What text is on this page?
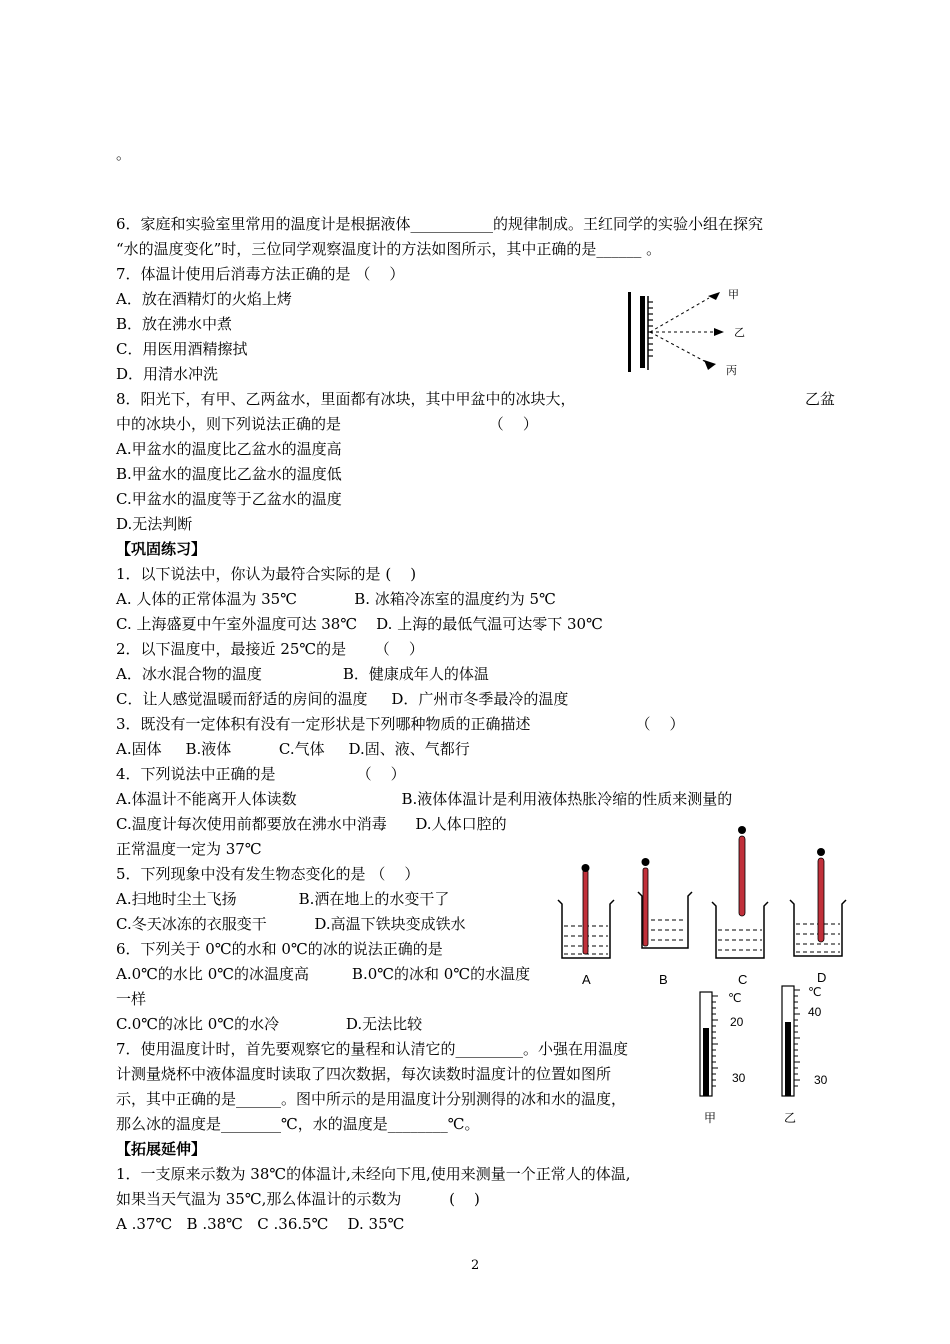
。
6．家庭和实验室里常用的温度计是根据液体___________的规律制成。王红同学的实验小组在探究
“水的温度变化”时，三位同学观察温度计的方法如图所示，其中正确的是______ 。
7．体温计使用后消毒方法正确的是 （    ）
A．放在酒精灯的火焰上烤
B．放在沸水中煮
C．用医用酒精擦拭
D．用清水冲洗
8．阳光下，有甲、乙两盆水，里面都有冰块，其中甲盆中的冰块大，	乙盆
中的冰块小，则下列说法正确的是                               （    ）
A.甲盆水的温度比乙盆水的温度高
B.甲盆水的温度比乙盆水的温度低
C.甲盆水的温度等于乙盆水的温度
D.无法判断
【巩固练习】
1．以下说法中，你认为最符合实际的是 (    )
A. 人体的正常体温为 35℃            B. 冰箱冷冻室的温度约为 5℃
C. 上海盛夏中午室外温度可达 38℃    D. 上海的最低气温可达零下 30℃
2．以下温度中，最接近 25℃的是      （    ）
A．冰水混合物的温度                 B．健康成年人的体温
C．让人感觉温暖而舒适的房间的温度     D．广州市冬季最冷的温度
3．既没有一定体积有没有一定形状是下列哪种物质的正确描述                      （    ）
A.固体     B.液体          C.气体     D.固、液、气都行
4．下列说法中正确的是                 （    ）
A.体温计不能离开人体读数                      B.液体体温计是利用液体热胀冷缩的性质来测量的
C.温度计每次使用前都要放在沸水中消毒      D.人体口腔的
正常温度一定为 37℃
5．下列现象中没有发生物态变化的是 （    ）
A.扫地时尘土飞扬             B.洒在地上的水变干了
C.冬天冰冻的衣服变干          D.高温下铁块变成铁水
6．下列关于 0℃的水和 0℃的冰的说法正确的是
A.0℃的水比 0℃的冰温度高         B.0℃的冰和 0℃的水温度
一样
C.0℃的冰比 0℃的水冷              D.无法比较
7．使用温度计时，首先要观察它的量程和认清它的_________。小强在用温度
计测量烧杯中液体温度时读取了四次数据，每次读数时温度计的位置如图所
示，其中正确的是______。图中所示的是用温度计分别测得的冰和水的温度，
那么冰的温度是________℃，水的温度是________℃。
【拓展延伸】
1．一支原来示数为 38℃的体温计,未经向下甩,使用来测量一个正常人的体温,
如果当天气温为 35℃,那么体温计的示数为          (    )
A .37℃   B .38℃   C .36.5℃    D. 35℃
2
甲
乙
丙
A	B	C	D
℃
20
30
甲
℃
40
30
乙
